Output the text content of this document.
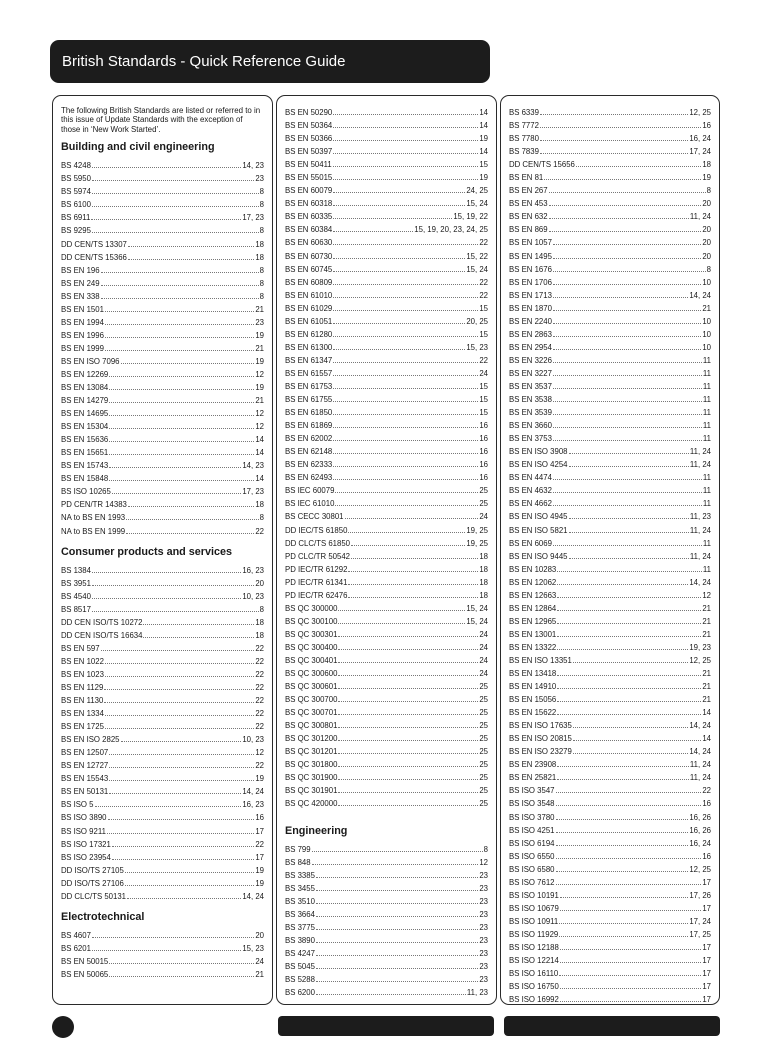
British Standards - Quick Reference Guide

The following British Standards are listed or referred to in this issue of Update Standards with the exception of those in ‘New Work Started’.

Building and civil engineering
BS 4248	14, 23
BS 5950	23
BS 5974	8
BS 6100	8
BS 6911	17, 23
BS 9295	8
DD CEN/TS 13307	18
DD CEN/TS 15366	18
BS EN 196	8
BS EN 249	8
BS EN 338	8
BS EN 1501	21
BS EN 1994	23
BS EN 1996	19
BS EN 1999	21
BS EN ISO 7096	19
BS EN 12269	12
BS EN 13084	19
BS EN 14279	21
BS EN 14695	12
BS EN 15304	12
BS EN 15636	14
BS EN 15651	14
BS EN 15743	14, 23
BS EN 15848	14
BS ISO 10265	17, 23
PD CEN/TR 14383	18
NA to BS EN 1993	8
NA to BS EN 1999	22
Consumer products and services
BS 1384	16, 23
BS 3951	20
BS 4540	10, 23
BS 8517	8
DD CEN ISO/TS 10272	18
DD CEN ISO/TS 16634	18
BS EN 597	22
BS EN 1022	22
BS EN 1023	22
BS EN 1129	22
BS EN 1130	22
BS EN 1334	22
BS EN 1725	22
BS EN ISO 2825	10, 23
BS EN 12507	12
BS EN 12727	22
BS EN 15543	19
BS EN 50131	14, 24
BS ISO 5	16, 23
BS ISO 3890	16
BS ISO 9211	17
BS ISO 17321	22
BS ISO 23954	17
DD ISO/TS 27105	19
DD ISO/TS 27106	19
DD CLC/TS 50131	14, 24
Electrotechnical
BS 4607	20
BS 6201	15, 23
BS EN 50015	24
BS EN 50065	21
BS EN 50290	14
BS EN 50364	14
BS EN 50366	19
BS EN 50397	14
BS EN 50411	15
BS EN 55015	19
BS EN 60079	24, 25
BS EN 60318	15, 24
BS EN 60335	15, 19, 22
BS EN 60384	15, 19, 20, 23, 24, 25
BS EN 60630	22
BS EN 60730	15, 22
BS EN 60745	15, 24
BS EN 60809	22
BS EN 61010	22
BS EN 61029	15
BS EN 61051	20, 25
BS EN 61280	15
BS EN 61300	15, 23
BS EN 61347	22
BS EN 61557	24
BS EN 61753	15
BS EN 61755	15
BS EN 61850	15
BS EN 61869	16
BS EN 62002	16
BS EN 62148	16
BS EN 62333	16
BS EN 62493	16
BS IEC 60079	25
BS IEC 61010	25
BS CECC 30801	24
DD IEC/TS 61850	19, 25
DD CLC/TS 61850	19, 25
PD CLC/TR 50542	18
PD IEC/TR 61292	18
PD IEC/TR 61341	18
PD IEC/TR 62476	18
BS QC 300000	15, 24
BS QC 300100	15, 24
BS QC 300301	24
BS QC 300400	24
BS QC 300401	24
BS QC 300600	24
BS QC 300601	25
BS QC 300700	25
BS QC 300701	25
BS QC 300801	25
BS QC 301200	25
BS QC 301201	25
BS QC 301800	25
BS QC 301900	25
BS QC 301901	25
BS QC 420000	25
Engineering
BS 799	8
BS 848	12
BS 3385	23
BS 3455	23
BS 3510	23
BS 3664	23
BS 3775	23
BS 3890	23
BS 4247	23
BS 5045	23
BS 5288	23
BS 6200	11, 23
BS 6339	12, 25
BS 7772	16
BS 7780	16, 24
BS 7839	17, 24
DD CEN/TS 15656	18
BS EN 81	19
BS EN 267	8
BS EN 453	20
BS EN 632	11, 24
BS EN 869	20
BS EN 1057	20
BS EN 1495	20
BS EN 1676	8
BS EN 1706	10
BS EN 1713	14, 24
BS EN 1870	21
BS EN 2240	10
BS EN 2863	10
BS EN 2954	10
BS EN 3226	11
BS EN 3227	11
BS EN 3537	11
BS EN 3538	11
BS EN 3539	11
BS EN 3660	11
BS EN 3753	11
BS EN ISO 3908	11, 24
BS EN ISO 4254	11, 24
BS EN 4474	11
BS EN 4632	11
BS EN 4662	11
BS EN ISO 4945	11, 23
BS EN ISO 5821	11, 24
BS EN 6069	11
BS EN ISO 9445	11, 24
BS EN 10283	11
BS EN 12062	14, 24
BS EN 12663	12
BS EN 12864	21
BS EN 12965	21
BS EN 13001	21
BS EN 13322	19, 23
BS EN ISO 13351	12, 25
BS EN 13418	21
BS EN 14910	21
BS EN 15056	21
BS EN 15622	14
BS EN ISO 17635	14, 24
BS EN ISO 20815	14
BS EN ISO 23279	14, 24
BS EN 23908	11, 24
BS EN 25821	11, 24
BS ISO 3547	22
BS ISO 3548	16
BS ISO 3780	16, 26
BS ISO 4251	16, 26
BS ISO 6194	16, 24
BS ISO 6550	16
BS ISO 6580	12, 25
BS ISO 7612	17
BS ISO 10191	17, 26
BS ISO 10679	17
BS ISO 10911	17, 24
BS ISO 11929	17, 25
BS ISO 12188	17
BS ISO 12214	17
BS ISO 16110	17
BS ISO 16750	17
BS ISO 16992	17
